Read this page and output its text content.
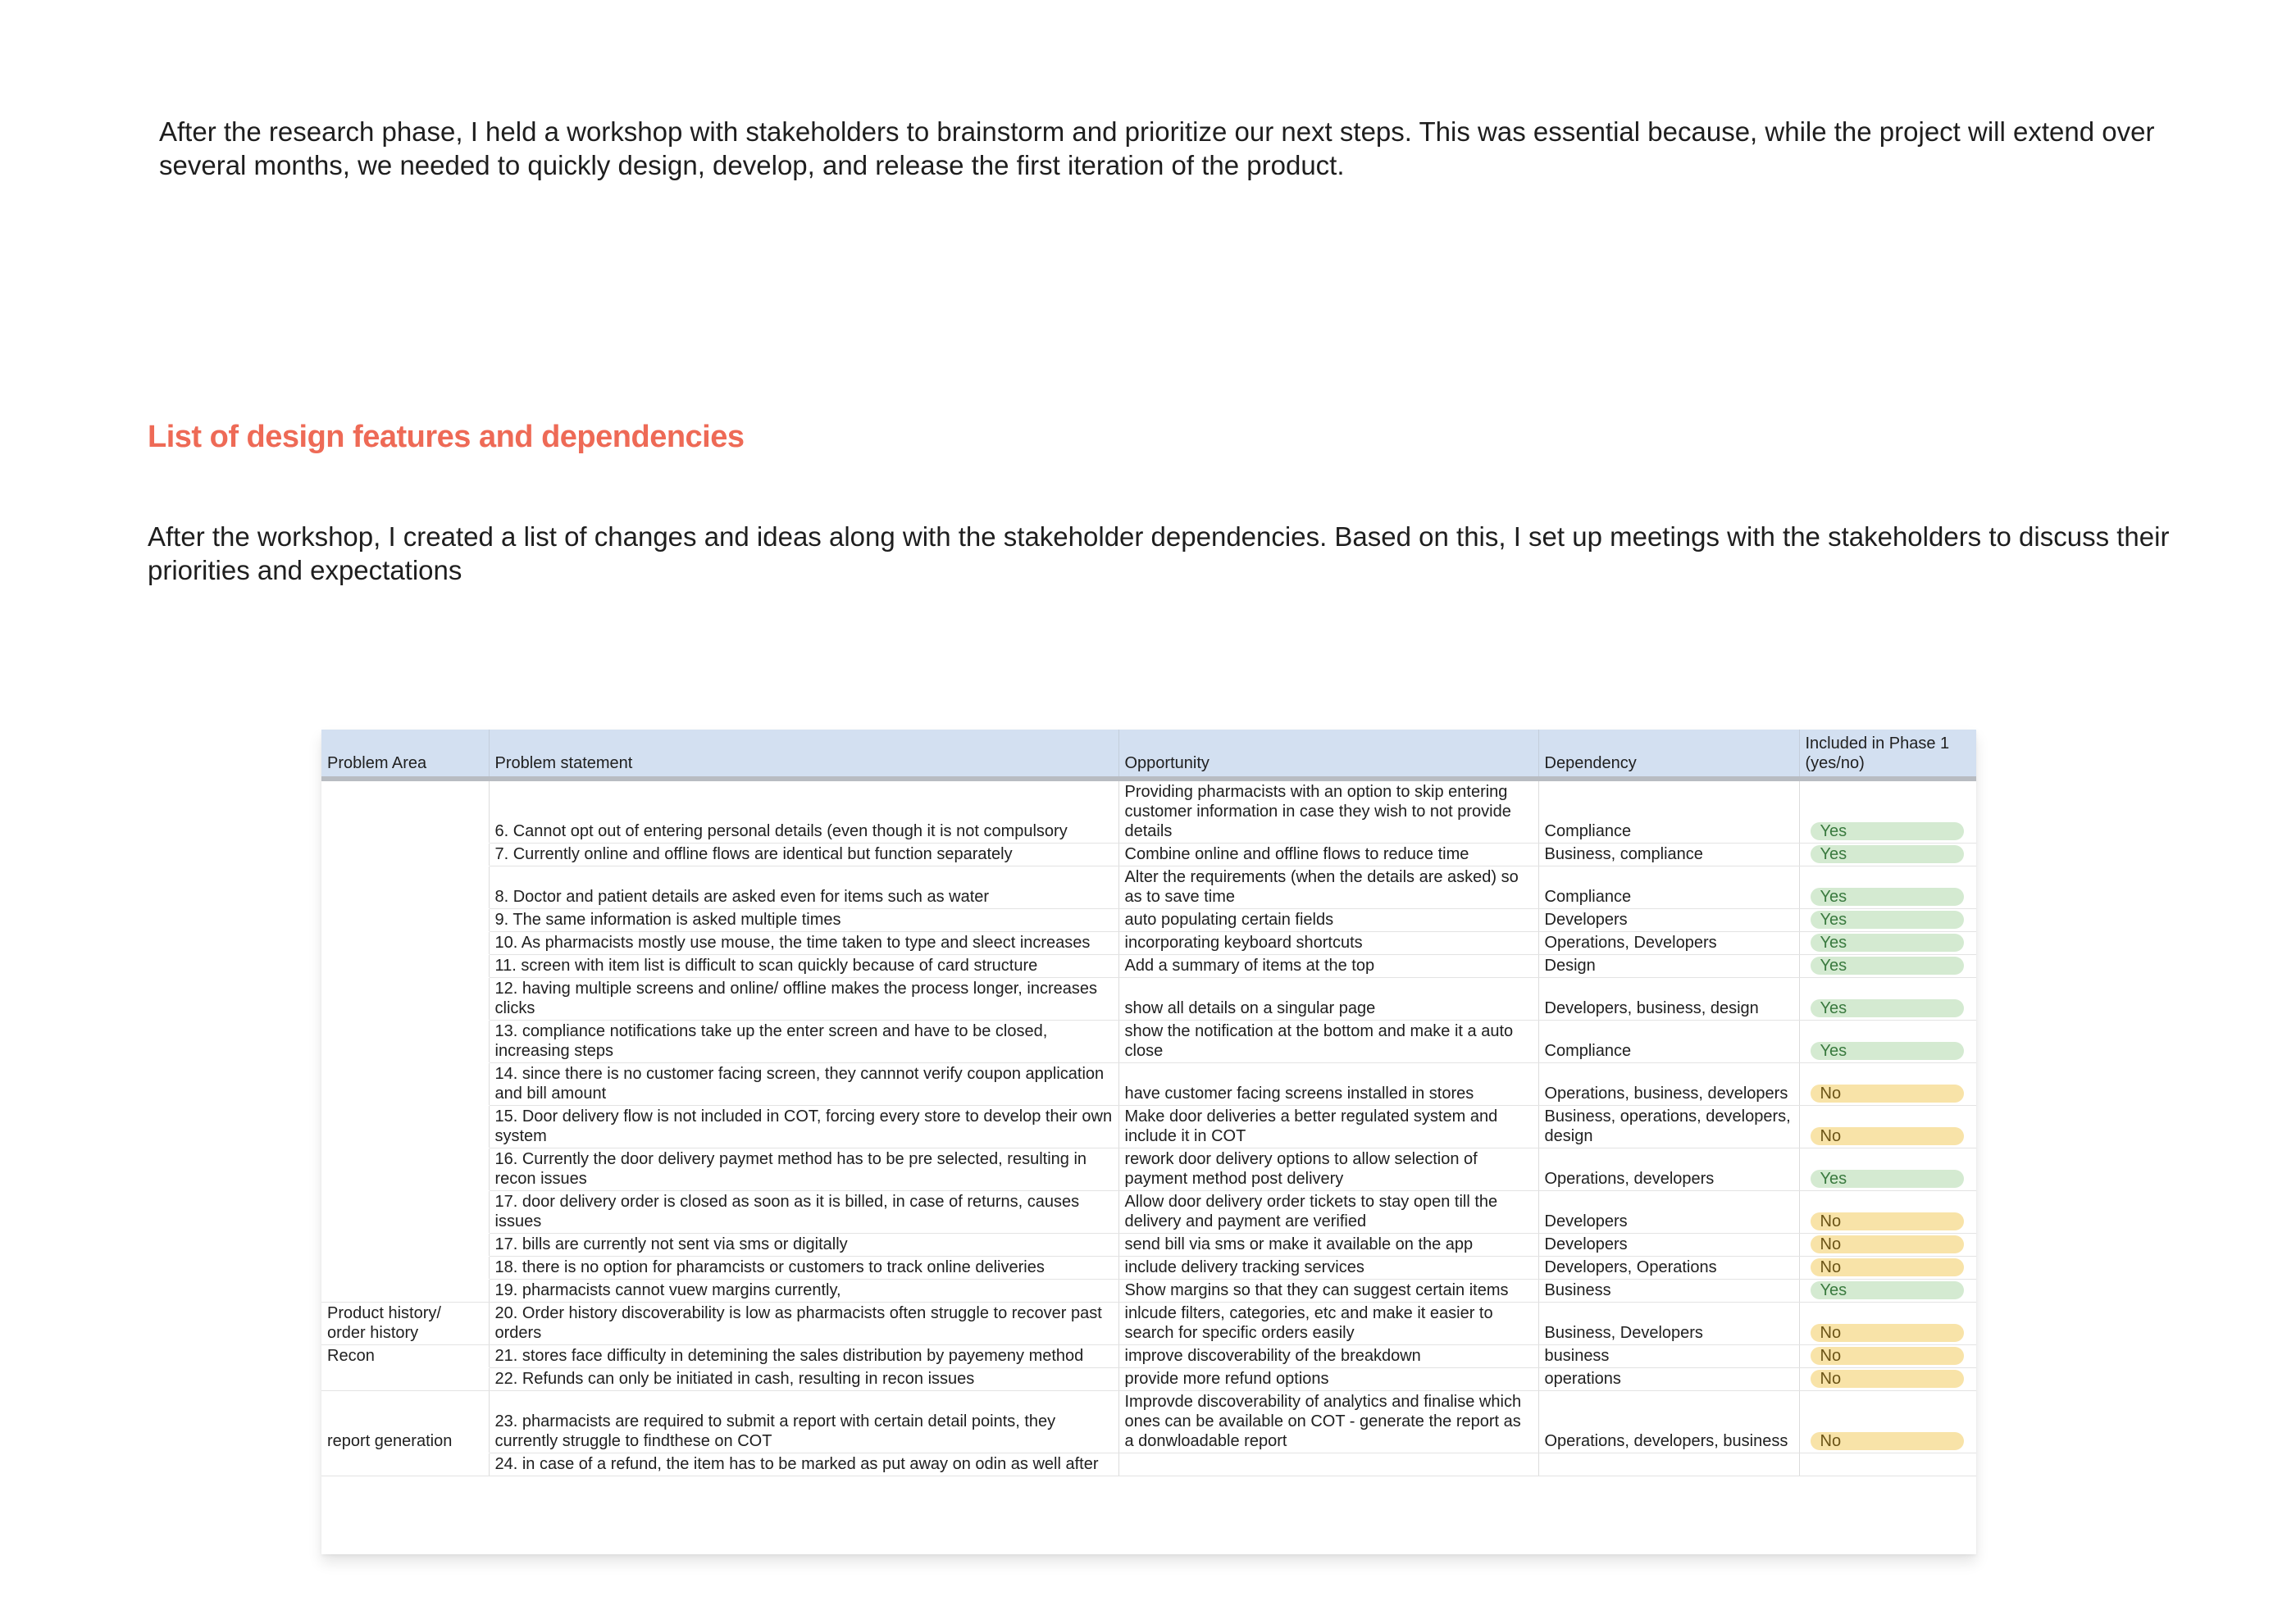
After the research phase, I held a workshop with stakeholders to brainstorm and prioritize our next steps. This was essential because, while the project will extend over several months, we needed to quickly design, develop, and release the first iteration of the product.

List of design features and dependencies

After the workshop, I created a list of changes and ideas along with the stakeholder dependencies. Based on this, I set up meetings with the stakeholders to discuss their priorities and expectations

Problem Area	Problem statement	Opportunity	Dependency	Included in Phase 1 (yes/no)
	6. Cannot opt out of entering personal details (even though it is not compulsory	Providing pharmacists with an option to skip entering customer information in case they wish to not provide details	Compliance	Yes

	7. Currently online and offline flows are identical but function separately	Combine online and offline flows to reduce time	Business, compliance	Yes

	8. Doctor and patient details are asked even for items such as water	Alter the requirements (when the details are asked) so as to save time	Compliance	Yes

	9. The same information is asked multiple times	auto populating certain fields	Developers	Yes

	10. As pharmacists mostly use mouse, the time taken to type and sleect increases	incorporating keyboard shortcuts	Operations, Developers	Yes

	11. screen with item list is difficult to scan quickly because of card structure	Add a summary of items at the top	Design	Yes

	12. having multiple screens and online/ offline makes the process longer, increases clicks	show all details on a singular page	Developers, business, design	Yes

	13. compliance notifications take up the enter screen and have to be closed, increasing steps	show the notification at the bottom and make it a auto close	Compliance	Yes

	14. since there is no customer facing screen, they cannnot verify coupon application and bill amount	have customer facing screens installed in stores	Operations, business, developers	No

	15. Door delivery flow is not included in COT, forcing every store to develop their own system	Make door deliveries a better regulated system and include it in COT	Business, operations, developers, design	No

	16. Currently the door delivery paymet method has to be pre selected, resulting in recon issues	rework door delivery options to allow selection of payment method post delivery	Operations, developers	Yes

	17. door delivery order is closed as soon as it is billed, in case of returns, causes issues	Allow door delivery order tickets to stay open till the delivery and payment are verified	Developers	No

	17. bills are currently not sent via sms or digitally	send bill via sms or make it available on the app	Developers	No

	18. there is no option for pharamcists or customers to track online deliveries	include delivery tracking services	Developers, Operations	No

	19. pharmacists cannot vuew margins currently,	Show margins so that they can suggest certain items	Business	Yes

Product history/ order history	20. Order history discoverability is low as pharmacists often struggle to recover past orders	inlcude filters, categories, etc and make it easier to search for specific orders easily	Business, Developers	No

Recon	21. stores face difficulty in detemining the sales distribution by payemeny method	improve discoverability of the breakdown	business	No

	22. Refunds can only be initiated in cash, resulting in recon issues	provide more refund options	operations	No

report generation	23. pharmacists are required to submit a report with certain detail points, they currently struggle to findthese on COT	Improvde discoverability of analytics and finalise which ones can be available on COT - generate the report as a donwloadable report	Operations, developers, business	No

	24. in case of a refund, the item has to be marked as put away on odin as well after			
